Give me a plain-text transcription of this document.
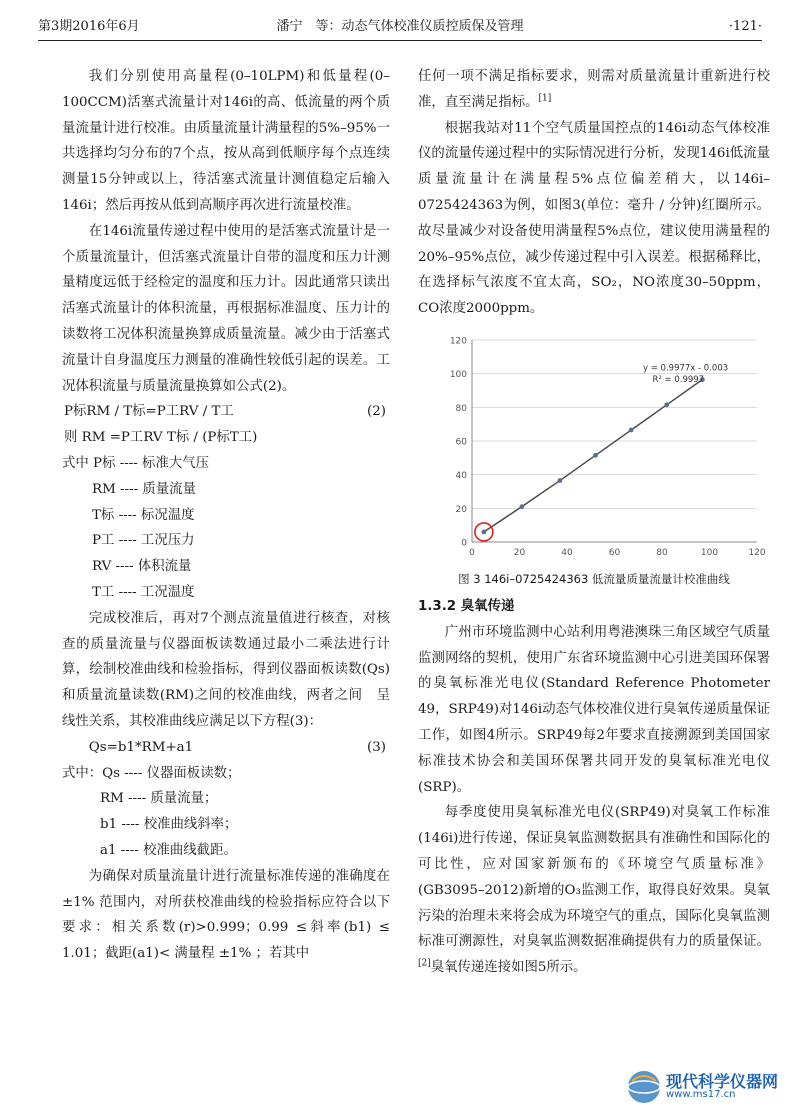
第3期2016年6月	潘宁　等：动态气体校准仪质控质保及管理	·121·

我们分别使用高量程(0–10LPM)和低量程(0–100CCM)活塞式流量计对146i的高、低流量的两个质量流量计进行校准。由质量流量计满量程的5%–95%一共选择均匀分布的7个点，按从高到低顺序每个点连续测量15分钟或以上，待活塞式流量计测值稳定后输入146i；然后再按从低到高顺序再次进行流量校准。

在146i流量传递过程中使用的是活塞式流量计是一个质量流量计，但活塞式流量计自带的温度和压力计测量精度远低于经检定的温度和压力计。因此通常只读出活塞式流量计的体积流量，再根据标准温度、压力计的读数将工况体积流量换算成质量流量。减少由于活塞式流量计自身温度压力测量的准确性较低引起的误差。工况体积流量与质量流量换算如公式(2)。

P标RM / T标=P工RV / T工	(2)
则 RM =P工RV T标 / (P标T工)
式中 P标 ---- 标准大气压
RM ---- 质量流量
T标 ---- 标况温度
P工 ---- 工况压力
RV ---- 体积流量
T工 ---- 工况温度

完成校准后，再对7个测点流量值进行核查，对核查的质量流量与仪器面板读数通过最小二乘法进行计算，绘制校准曲线和检验指标，得到仪器面板读数(Qs)和质量流量读数(RM)之间的校准曲线，两者之间　呈线性关系，其校准曲线应满足以下方程(3)：

Qs=b1*RM+a1	(3)
式中：Qs ---- 仪器面板读数；
RM ---- 质量流量；
b1 ---- 校准曲线斜率；
a1 ---- 校准曲线截距。

为确保对质量流量计进行流量标准传递的准确度在 ±1% 范围内，对所获校准曲线的检验指标应符合以下要求：相关系数(r)>0.999；0.99 ≤斜率(b1) ≤ 1.01；截距(a1)< 满量程 ±1% ；若其中

任何一项不满足指标要求，则需对质量流量计重新进行校准，直至满足指标。[1]

根据我站对11个空气质量国控点的146i动态气体校准仪的流量传递过程中的实际情况进行分析，发现146i低流量质量流量计在满量程5%点位偏差稍大，以146i–0725424363为例，如图3(单位：毫升 / 分钟)红圈所示。故尽量减少对设备使用满量程5%点位，建议使用满量程的20%–95%点位，减少传递过程中引入误差。根据稀释比，在选择标气浓度不宜太高，SO₂，NO浓度30–50ppm，CO浓度2000ppm。

0
20
40
60
80
100
120
0	20	40	60	80	100	120
y = 0.9977x - 0.003
R² = 0.9997
图 3 146i–0725424363 低流量质量流量计校准曲线
1.3.2 臭氧传递

广州市环境监测中心站利用粤港澳珠三角区域空气质量监测网络的契机，使用广东省环境监测中心引进美国环保署的臭氧标准光电仪(Standard Reference Photometer 49，SRP49)对146i动态气体校准仪进行臭氧传递质量保证工作，如图4所示。SRP49每2年要求直接溯源到美国国家标准技术协会和美国环保署共同开发的臭氧标准光电仪(SRP)。

每季度使用臭氧标准光电仪(SRP49)对臭氧工作标准(146i)进行传递，保证臭氧监测数据具有准确性和国际化的可比性，应对国家新颁布的《环境空气质量标准》(GB3095–2012)新增的O₃监测工作，取得良好效果。臭氧污染的治理未来将会成为环境空气的重点，国际化臭氧监测标准可溯源性，对臭氧监测数据准确提供有力的质量保证。[2]臭氧传递连接如图5所示。

现代科学仪器网
www.ms17.cn
